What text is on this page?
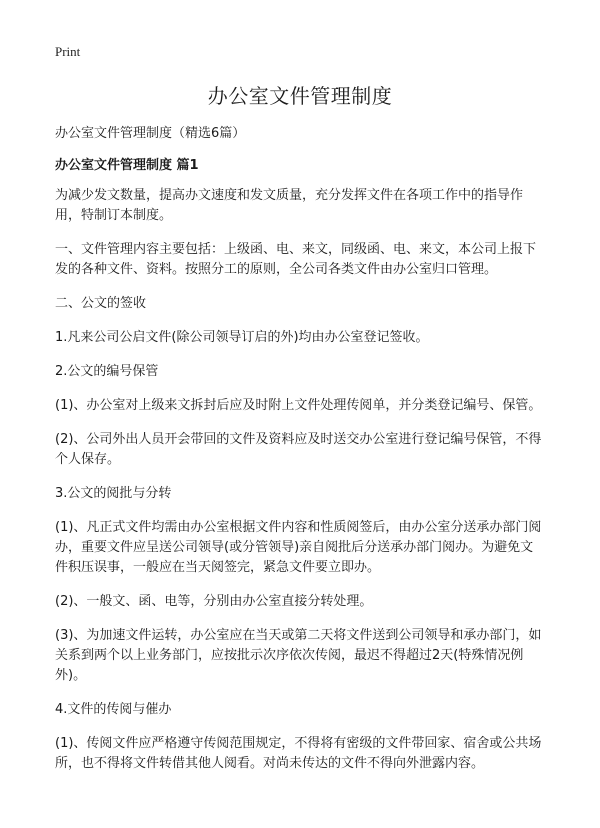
Print
办公室文件管理制度
办公室文件管理制度（精选6篇）
办公室文件管理制度 篇1
为减少发文数量，提高办文速度和发文质量，充分发挥文件在各项工作中的指导作用，特制订本制度。
一、文件管理内容主要包括：上级函、电、来文，同级函、电、来文，本公司上报下发的各种文件、资料。按照分工的原则，全公司各类文件由办公室归口管理。
二、公文的签收
1.凡来公司公启文件(除公司领导订启的外)均由办公室登记签收。
2.公文的编号保管
(1)、办公室对上级来文拆封后应及时附上文件处理传阅单，并分类登记编号、保管。
(2)、公司外出人员开会带回的文件及资料应及时送交办公室进行登记编号保管，不得个人保存。
3.公文的阅批与分转
(1)、凡正式文件均需由办公室根据文件内容和性质阅签后，由办公室分送承办部门阅办，重要文件应呈送公司领导(或分管领导)亲自阅批后分送承办部门阅办。为避免文件积压误事，一般应在当天阅签完，紧急文件要立即办。
(2)、一般文、函、电等，分别由办公室直接分转处理。
(3)、为加速文件运转，办公室应在当天或第二天将文件送到公司领导和承办部门，如关系到两个以上业务部门，应按批示次序依次传阅，最迟不得超过2天(特殊情况例外)。
4.文件的传阅与催办
(1)、传阅文件应严格遵守传阅范围规定，不得将有密级的文件带回家、宿舍或公共场所，也不得将文件转借其他人阅看。对尚未传达的文件不得向外泄露内容。
